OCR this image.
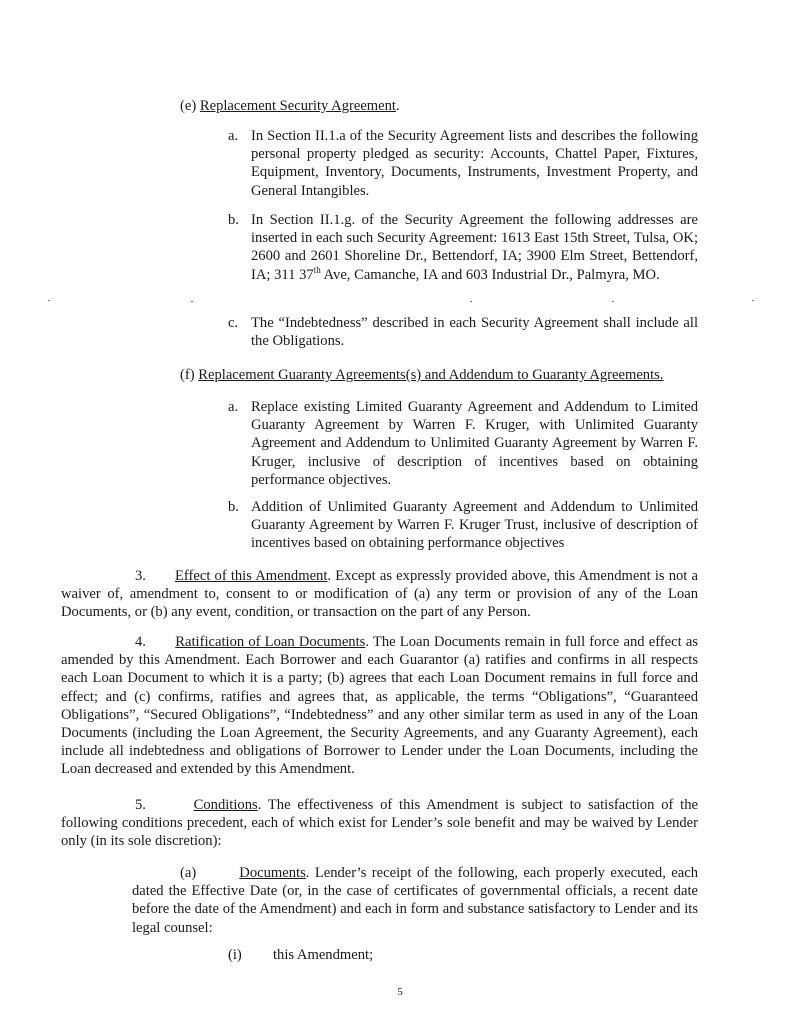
(e) Replacement Security Agreement.
a. In Section II.1.a of the Security Agreement lists and describes the following personal property pledged as security: Accounts, Chattel Paper, Fixtures, Equipment, Inventory, Documents, Instruments, Investment Property, and General Intangibles.
b. In Section II.1.g. of the Security Agreement the following addresses are inserted in each such Security Agreement: 1613 East 15th Street, Tulsa, OK; 2600 and 2601 Shoreline Dr., Bettendorf, IA; 3900 Elm Street, Bettendorf, IA; 311 37th Ave, Camanche, IA and 603 Industrial Dr., Palmyra, MO.
c. The “Indebtedness” described in each Security Agreement shall include all the Obligations.
(f) Replacement Guaranty Agreements(s) and Addendum to Guaranty Agreements.
a. Replace existing Limited Guaranty Agreement and Addendum to Limited Guaranty Agreement by Warren F. Kruger, with Unlimited Guaranty Agreement and Addendum to Unlimited Guaranty Agreement by Warren F. Kruger, inclusive of description of incentives based on obtaining performance objectives.
b. Addition of Unlimited Guaranty Agreement and Addendum to Unlimited Guaranty Agreement by Warren F. Kruger Trust, inclusive of description of incentives based on obtaining performance objectives
3. Effect of this Amendment. Except as expressly provided above, this Amendment is not a waiver of, amendment to, consent to or modification of (a) any term or provision of any of the Loan Documents, or (b) any event, condition, or transaction on the part of any Person.
4. Ratification of Loan Documents. The Loan Documents remain in full force and effect as amended by this Amendment. Each Borrower and each Guarantor (a) ratifies and confirms in all respects each Loan Document to which it is a party; (b) agrees that each Loan Document remains in full force and effect; and (c) confirms, ratifies and agrees that, as applicable, the terms “Obligations”, “Guaranteed Obligations”, “Secured Obligations”, “Indebtedness” and any other similar term as used in any of the Loan Documents (including the Loan Agreement, the Security Agreements, and any Guaranty Agreement), each include all indebtedness and obligations of Borrower to Lender under the Loan Documents, including the Loan decreased and extended by this Amendment.
5.	Conditions. The effectiveness of this Amendment is subject to satisfaction of the following conditions precedent, each of which exist for Lender’s sole benefit and may be waived by Lender only (in its sole discretion):
(a)	Documents. Lender’s receipt of the following, each properly executed, each dated the Effective Date (or, in the case of certificates of governmental officials, a recent date before the date of the Amendment) and each in form and substance satisfactory to Lender and its legal counsel:
(i) this Amendment;
5
